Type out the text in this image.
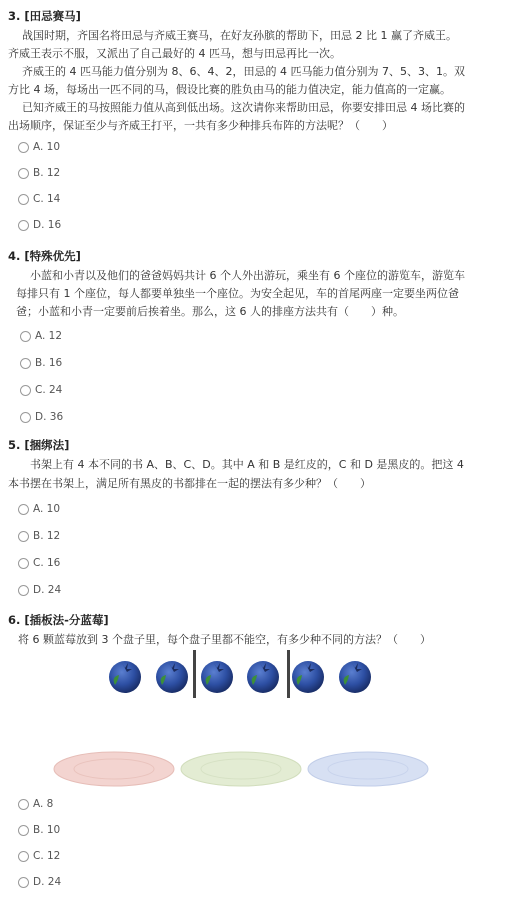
3. [田忌赛马]
战国时期，齐国名将田忌与齐威王赛马，在好友孙膑的帮助下，田忌 2 比 1 赢了齐威王。
齐威王表示不服，又派出了自己最好的 4 匹马，想与田忌再比一次。
齐威王的 4 匹马能力值分别为 8、6、4、2，田忌的 4 匹马能力值分别为 7、5、3、1。双
方比 4 场，每场出一匹不同的马，假设比赛的胜负由马的能力值决定，能力值高的一定赢。
已知齐威王的马按照能力值从高到低出场。这次请你来帮助田忌，你要安排田忌 4 场比赛的
出场顺序，保证至少与齐威王打平，一共有多少种排兵布阵的方法呢？（　　）
A. 10
B. 12
C. 14
D. 16
4. [特殊优先]
小蓝和小青以及他们的爸爸妈妈共计 6 个人外出游玩，乘坐有 6 个座位的游览车，游览车
每排只有 1 个座位，每人都要单独坐一个座位。为安全起见，车的首尾两座一定要坐两位爸
爸；小蓝和小青一定要前后挨着坐。那么，这 6 人的排座方法共有（　　）种。
A. 12
B. 16
C. 24
D. 36
5. [捆绑法]
书架上有 4 本不同的书 A、B、C、D。其中 A 和 B 是红皮的，C 和 D 是黑皮的。把这 4
本书摆在书架上，满足所有黑皮的书都排在一起的摆法有多少种？（　　）
A. 10
B. 12
C. 16
D. 24
6. [插板法-分蓝莓]
将 6 颗蓝莓放到 3 个盘子里，每个盘子里都不能空，有多少种不同的方法？（　　）
A. 8
B. 10
C. 12
D. 24
